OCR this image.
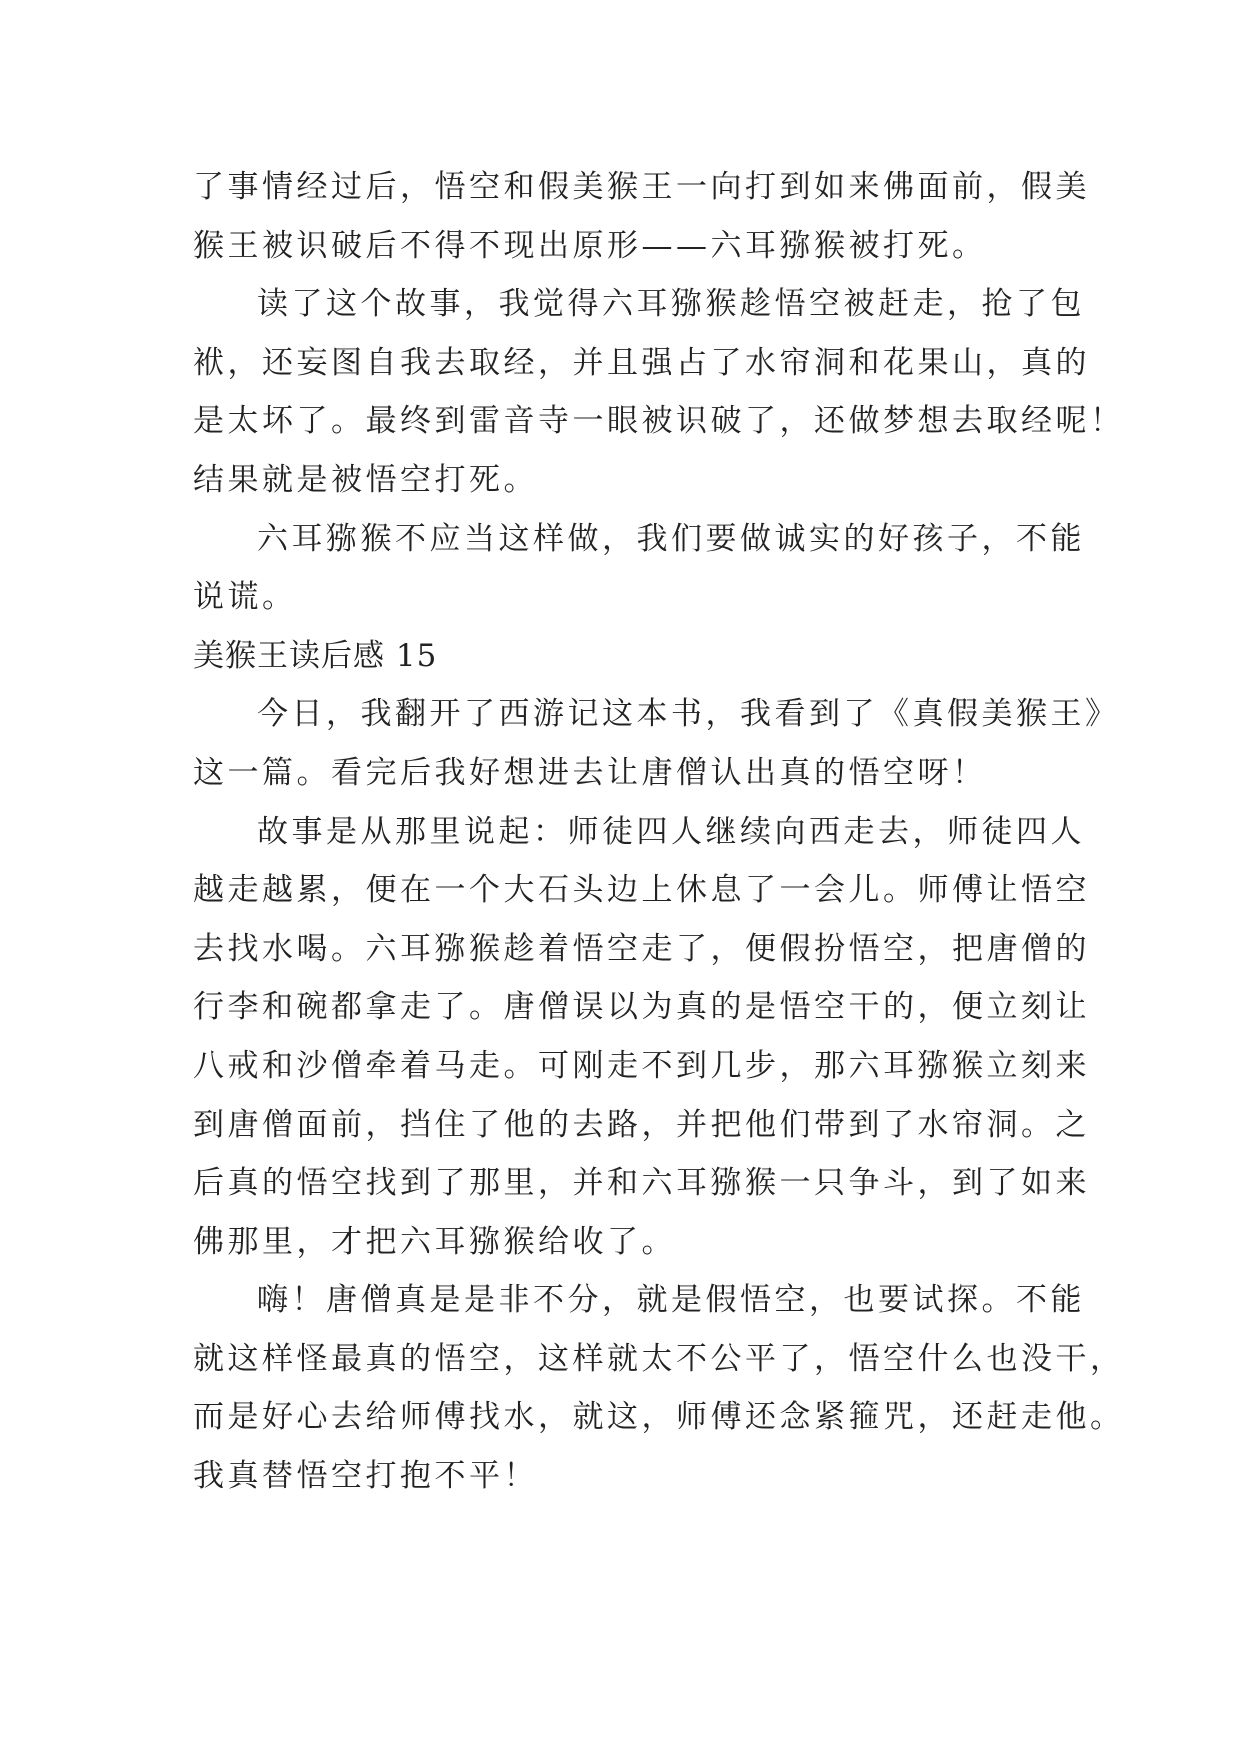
了事情经过后，悟空和假美猴王一向打到如来佛面前，假美
猴王被识破后不得不现出原形——六耳猕猴被打死。
读了这个故事，我觉得六耳猕猴趁悟空被赶走，抢了包
袱，还妄图自我去取经，并且强占了水帘洞和花果山，真的
是太坏了。最终到雷音寺一眼被识破了，还做梦想去取经呢！
结果就是被悟空打死。
六耳猕猴不应当这样做，我们要做诚实的好孩子，不能
说谎。
美猴王读后感 15
今日，我翻开了西游记这本书，我看到了《真假美猴王》
这一篇。看完后我好想进去让唐僧认出真的悟空呀！
故事是从那里说起：师徒四人继续向西走去，师徒四人
越走越累，便在一个大石头边上休息了一会儿。师傅让悟空
去找水喝。六耳猕猴趁着悟空走了，便假扮悟空，把唐僧的
行李和碗都拿走了。唐僧误以为真的是悟空干的，便立刻让
八戒和沙僧牵着马走。可刚走不到几步，那六耳猕猴立刻来
到唐僧面前，挡住了他的去路，并把他们带到了水帘洞。之
后真的悟空找到了那里，并和六耳猕猴一只争斗，到了如来
佛那里，才把六耳猕猴给收了。
嗨！唐僧真是是非不分，就是假悟空，也要试探。不能
就这样怪最真的悟空，这样就太不公平了，悟空什么也没干，
而是好心去给师傅找水，就这，师傅还念紧箍咒，还赶走他。
我真替悟空打抱不平！
